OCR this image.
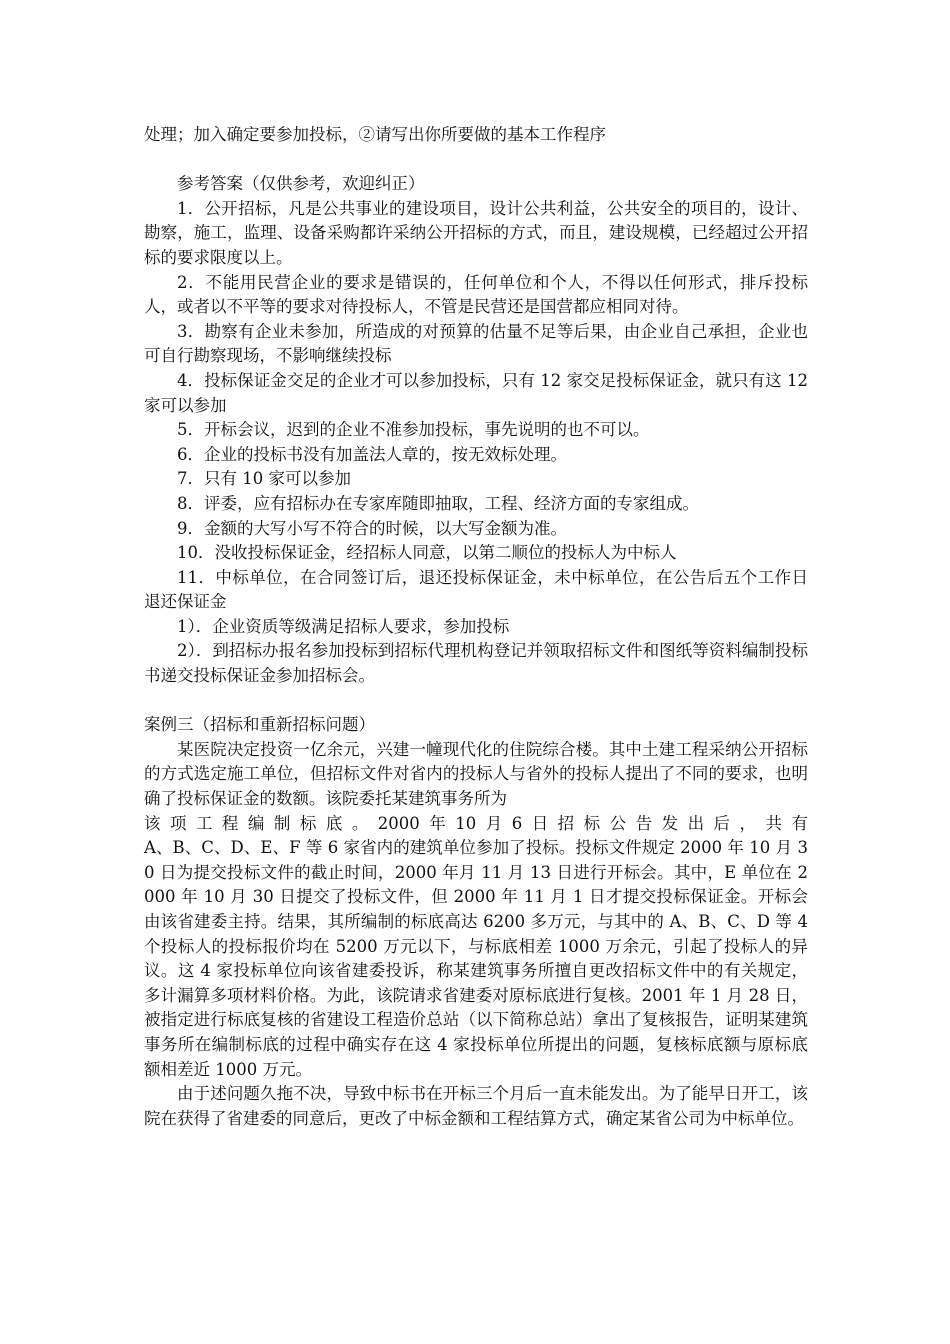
处理；加入确定要参加投标，②请写出你所要做的基本工作程序

参考答案（仅供参考，欢迎纠正）

1．公开招标，凡是公共事业的建设项目，设计公共利益，公共安全的项目的，设计、勘察，施工，监理、设备采购都许采纳公开招标的方式，而且，建设规模，已经超过公开招标的要求限度以上。

2．不能用民营企业的要求是错误的，任何单位和个人，不得以任何形式，排斥投标人，或者以不平等的要求对待投标人，不管是民营还是国营都应相同对待。

3．勘察有企业未参加，所造成的对预算的估量不足等后果，由企业自己承担，企业也可自行勘察现场，不影响继续投标

4．投标保证金交足的企业才可以参加投标，只有 12 家交足投标保证金，就只有这 12 家可以参加

5．开标会议，迟到的企业不准参加投标，事先说明的也不可以。

6．企业的投标书没有加盖法人章的，按无效标处理。

7．只有 10 家可以参加

8．评委，应有招标办在专家库随即抽取，工程、经济方面的专家组成。

9．金额的大写小写不符合的时候，以大写金额为准。

10．没收投标保证金，经招标人同意，以第二顺位的投标人为中标人

11．中标单位，在合同签订后，退还投标保证金，未中标单位，在公告后五个工作日退还保证金

1）．企业资质等级满足招标人要求，参加投标

2）．到招标办报名参加投标到招标代理机构登记并领取招标文件和图纸等资料编制投标书递交投标保证金参加招标会。

案例三（招标和重新招标问题）

某医院决定投资一亿余元，兴建一幢现代化的住院综合楼。其中土建工程采纳公开招标的方式选定施工单位，但招标文件对省内的投标人与省外的投标人提出了不同的要求，也明确了投标保证金的数额。该院委托某建筑事务所为

该项工程编制标底。2000年10月6日招标公告发出后，共有

A、B、C、D、E、F 等 6 家省内的建筑单位参加了投标。投标文件规定 2000 年 10 月 30 日为提交投标文件的截止时间，2000 年月 11 月 13 日进行开标会。其中，E 单位在 2000 年 10 月 30 日提交了投标文件，但 2000 年 11 月 1 日才提交投标保证金。开标会由该省建委主持。结果，其所编制的标底高达 6200 多万元，与其中的 A、B、C、D 等 4 个投标人的投标报价均在 5200 万元以下，与标底相差 1000 万余元，引起了投标人的异议。这 4 家投标单位向该省建委投诉，称某建筑事务所擅自更改招标文件中的有关规定，多计漏算多项材料价格。为此，该院请求省建委对原标底进行复核。2001 年 1 月 28 日，被指定进行标底复核的省建设工程造价总站（以下简称总站）拿出了复核报告，证明某建筑事务所在编制标底的过程中确实存在这 4 家投标单位所提出的问题，复核标底额与原标底额相差近 1000 万元。

由于述问题久拖不决，导致中标书在开标三个月后一直未能发出。为了能早日开工，该院在获得了省建委的同意后，更改了中标金额和工程结算方式，确定某省公司为中标单位。
